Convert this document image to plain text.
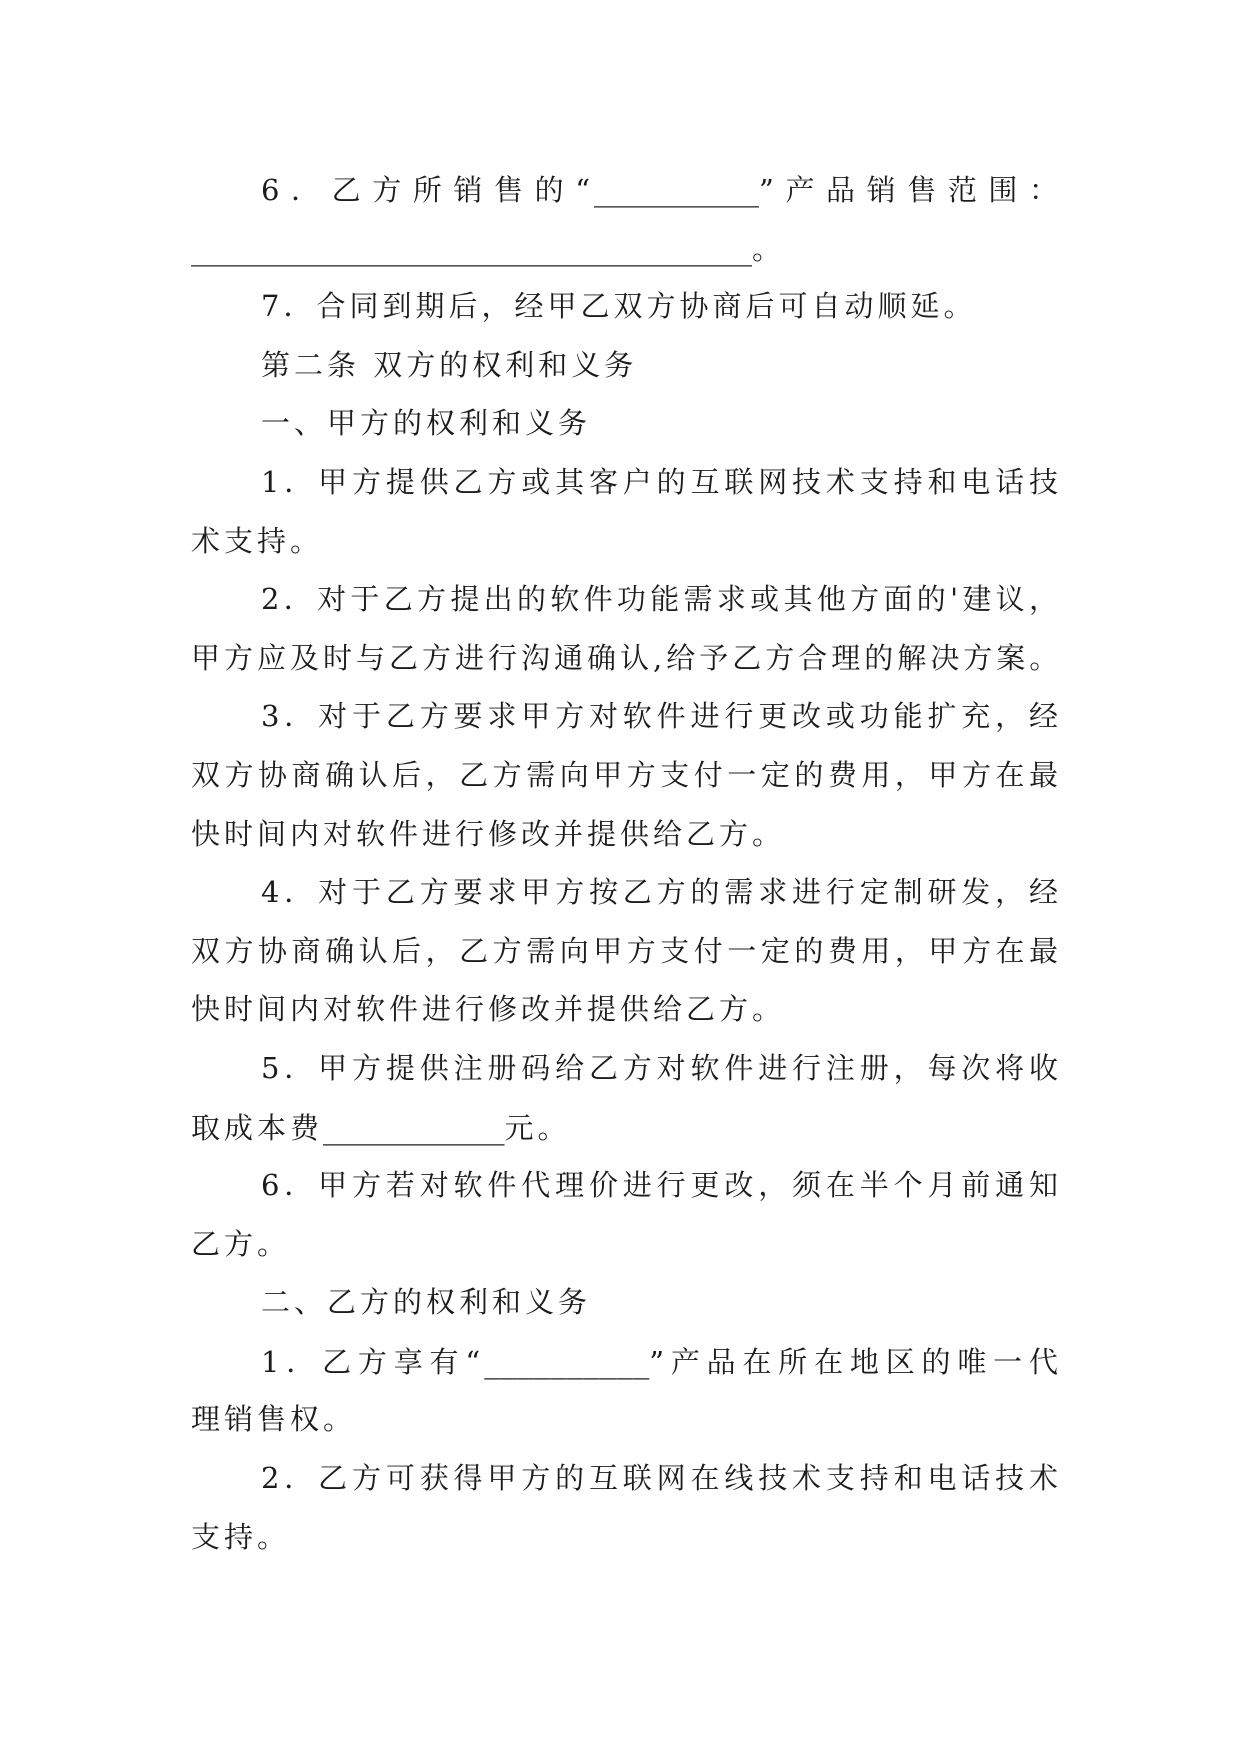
6．乙方所销售的“__________”产品销售范围：
__________________________________。
7．合同到期后，经甲乙双方协商后可自动顺延。
第二条 双方的权利和义务
一、甲方的权利和义务
1．甲方提供乙方或其客户的互联网技术支持和电话技
术支持。
2．对于乙方提出的软件功能需求或其他方面的'建议，
甲方应及时与乙方进行沟通确认,给予乙方合理的解决方案。
3．对于乙方要求甲方对软件进行更改或功能扩充，经
双方协商确认后，乙方需向甲方支付一定的费用，甲方在最
快时间内对软件进行修改并提供给乙方。
4．对于乙方要求甲方按乙方的需求进行定制研发，经
双方协商确认后，乙方需向甲方支付一定的费用，甲方在最
快时间内对软件进行修改并提供给乙方。
5．甲方提供注册码给乙方对软件进行注册，每次将收
取成本费___________元。
6．甲方若对软件代理价进行更改，须在半个月前通知
乙方。
二、乙方的权利和义务
1．乙方享有“__________”产品在所在地区的唯一代
理销售权。
2．乙方可获得甲方的互联网在线技术支持和电话技术
支持。
